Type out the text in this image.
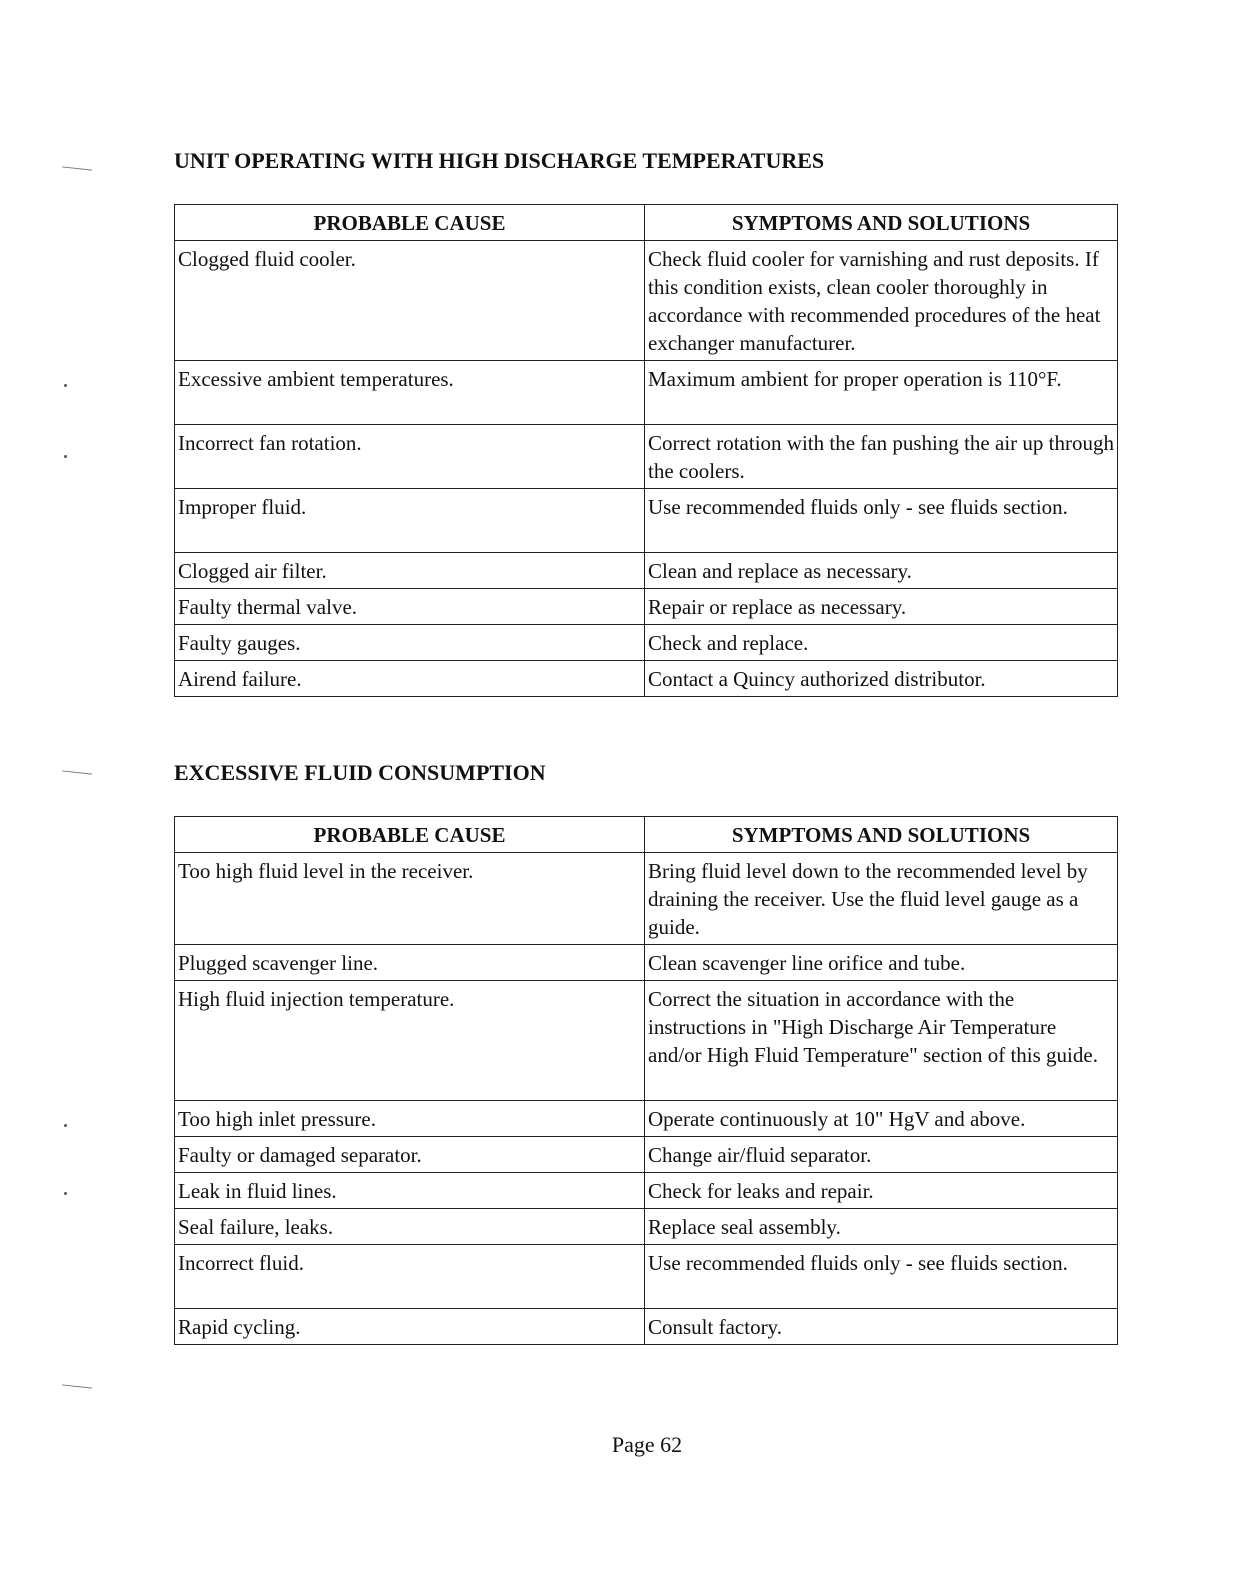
UNIT OPERATING WITH HIGH DISCHARGE TEMPERATURES
PROBABLE CAUSE	SYMPTOMS AND SOLUTIONS
Clogged fluid cooler.	Check fluid cooler for varnishing and rust deposits. If this condition exists, clean cooler thoroughly in accordance with recommended procedures of the heat exchanger manufacturer.
Excessive ambient temperatures.	Maximum ambient for proper operation is 110°F.
Incorrect fan rotation.	Correct rotation with the fan pushing the air up through the coolers.
Improper fluid.	Use recommended fluids only - see fluids section.
Clogged air filter.	Clean and replace as necessary.
Faulty thermal valve.	Repair or replace as necessary.
Faulty gauges.	Check and replace.
Airend failure.	Contact a Quincy authorized distributor.
EXCESSIVE FLUID CONSUMPTION
PROBABLE CAUSE	SYMPTOMS AND SOLUTIONS
Too high fluid level in the receiver.	Bring fluid level down to the recommended level by draining the receiver. Use the fluid level gauge as a guide.
Plugged scavenger line.	Clean scavenger line orifice and tube.
High fluid injection temperature.	Correct the situation in accordance with the instructions in "High Discharge Air Temperature and/or High Fluid Temperature" section of this guide.
Too high inlet pressure.	Operate continuously at 10" HgV and above.
Faulty or damaged separator.	Change air/fluid separator.
Leak in fluid lines.	Check for leaks and repair.
Seal failure, leaks.	Replace seal assembly.
Incorrect fluid.	Use recommended fluids only - see fluids section.
Rapid cycling.	Consult factory.
Page 62
